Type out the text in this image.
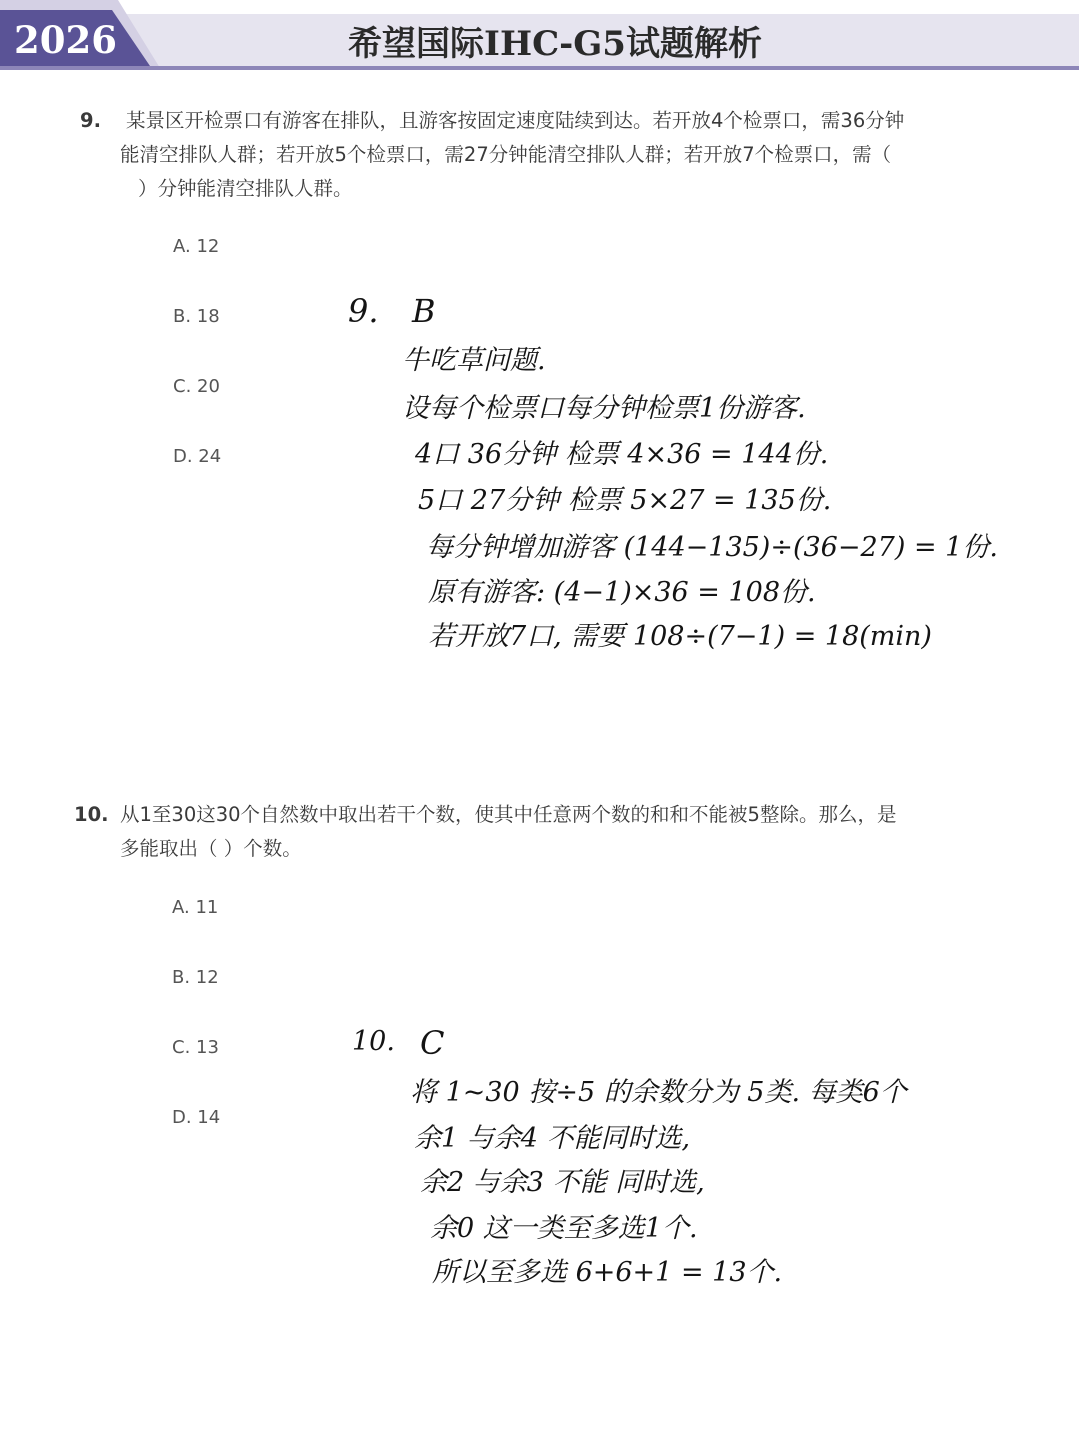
2026	希望国际IHC-G5试题解析
9. 某景区开检票口有游客在排队，且游客按固定速度陆续到达。若开放4个检票口，需36分钟
能清空排队人群；若开放5个检票口，需27分钟能清空排队人群；若开放7个检票口，需（
）分钟能清空排队人群。
A. 12
B. 18
C. 20
D. 24
9. B
牛吃草问题.
设每个检票口每分钟检票1份游客.
4口 36分钟 检票 4×36 = 144份.
5口 27分钟 检票 5×27 = 135份.
每分钟增加游客 (144−135)÷(36−27) = 1份.
原有游客: (4−1)×36 = 108份.
若开放7口, 需要 108÷(7−1) = 18(min)
10. 从1至30这30个自然数中取出若干个数，使其中任意两个数的和和不能被5整除。那么，是
多能取出（ ）个数。
A. 11
B. 12
C. 13
D. 14
10. C
将 1~30 按÷5 的余数分为 5类. 每类6个
余1 与余4 不能同时选,
余2 与余3 不能 同时选,
余0 这一类至多选1个.
所以至多选 6+6+1 = 13个.
